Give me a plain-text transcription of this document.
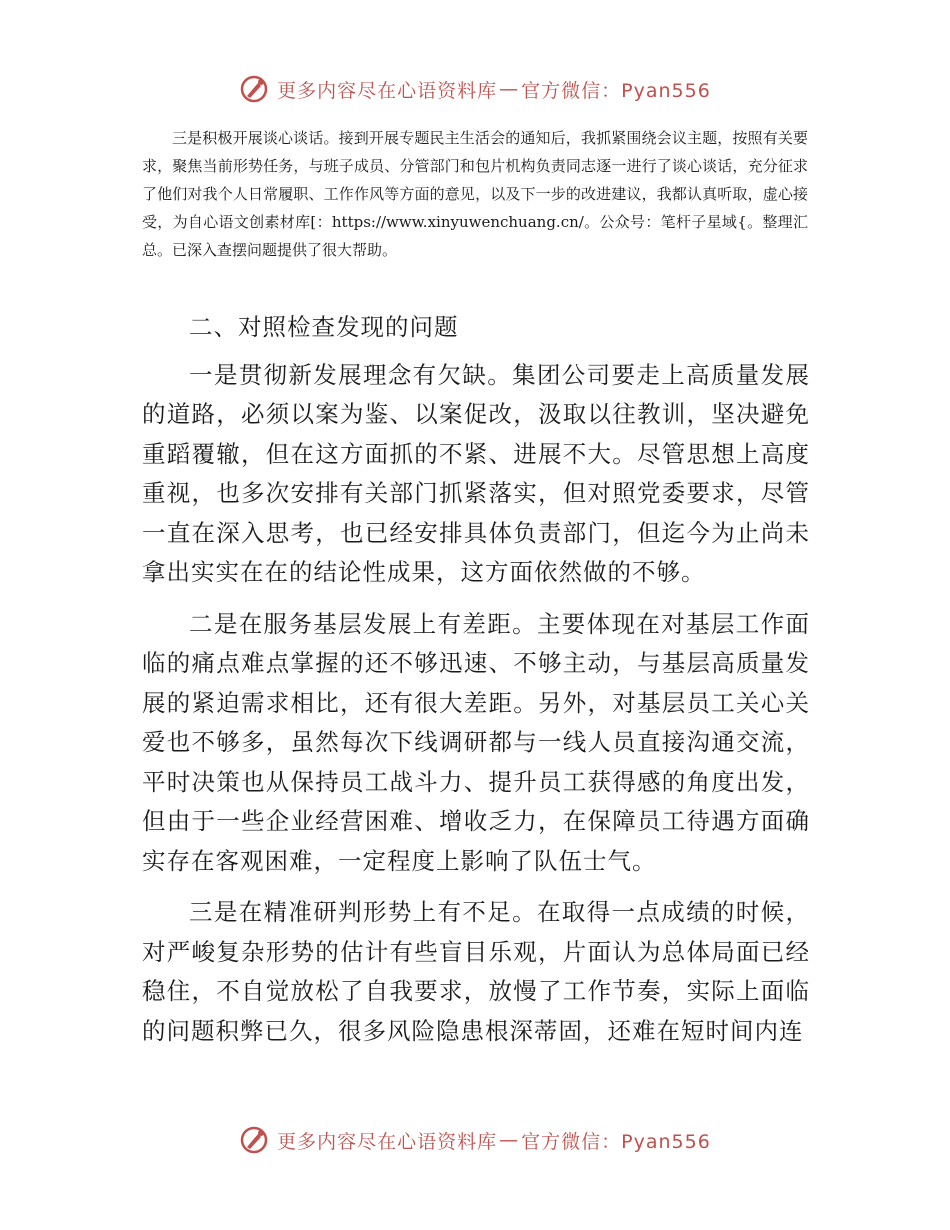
更多内容尽在心语资料库 — 官方微信：Pyan556

三是积极开展谈心谈话。接到开展专题民主生活会的通知后，我抓紧围绕会议主题，按照有关要求，聚焦当前形势任务，与班子成员、分管部门和包片机构负责同志逐一进行了谈心谈话，充分征求了他们对我个人日常履职、工作作风等方面的意见，以及下一步的改进建议，我都认真听取，虚心接受，为自心语文创素材库[：https://www.xinyuwenchuang.cn/。公众号：笔杆子星域{。整理汇总。已深入查摆问题提供了很大帮助。

二、对照检查发现的问题

一是贯彻新发展理念有欠缺。集团公司要走上高质量发展的道路，必须以案为鉴、以案促改，汲取以往教训，坚决避免重蹈覆辙，但在这方面抓的不紧、进展不大。尽管思想上高度重视，也多次安排有关部门抓紧落实，但对照党委要求，尽管一直在深入思考，也已经安排具体负责部门，但迄今为止尚未拿出实实在在的结论性成果，这方面依然做的不够。

二是在服务基层发展上有差距。主要体现在对基层工作面临的痛点难点掌握的还不够迅速、不够主动，与基层高质量发展的紧迫需求相比，还有很大差距。另外，对基层员工关心关爱也不够多，虽然每次下线调研都与一线人员直接沟通交流，平时决策也从保持员工战斗力、提升员工获得感的角度出发，但由于一些企业经营困难、增收乏力，在保障员工待遇方面确实存在客观困难，一定程度上影响了队伍士气。

三是在精准研判形势上有不足。在取得一点成绩的时候，对严峻复杂形势的估计有些盲目乐观，片面认为总体局面已经稳住，不自觉放松了自我要求，放慢了工作节奏，实际上面临的问题积弊已久，很多风险隐患根深蒂固，还难在短时间内连

更多内容尽在心语资料库 — 官方微信：Pyan556
